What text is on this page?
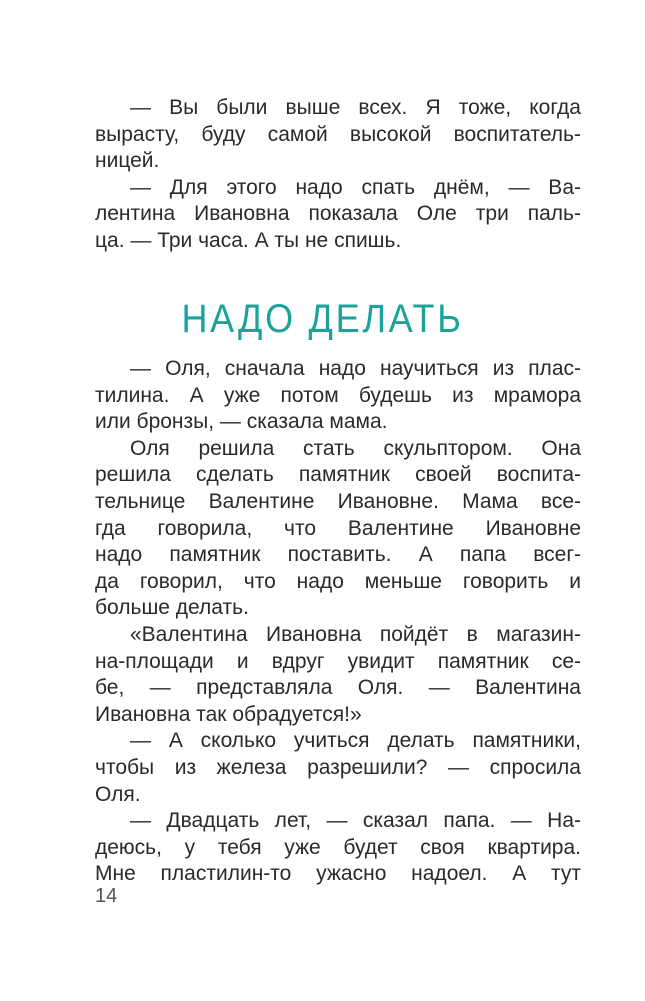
— Вы были выше всех. Я тоже, когда
вырасту, буду самой высокой воспитатель-
ницей.
— Для этого надо спать днём, — Ва-
лентина Ивановна показала Оле три паль-
ца. — Три часа. А ты не спишь.
НАДО ДЕЛАТЬ
— Оля, сначала надо научиться из плас-
тилина. А уже потом будешь из мрамора
или бронзы, — сказала мама.
Оля решила стать скульптором. Она
решила сделать памятник своей воспита-
тельнице Валентине Ивановне. Мама все-
гда говорила, что Валентине Ивановне
надо памятник поставить. А папа всег-
да говорил, что надо меньше говорить и
больше делать.
«Валентина Ивановна пойдёт в магазин-
на-площади и вдруг увидит памятник се-
бе, — представляла Оля. — Валентина
Ивановна так обрадуется!»
— А сколько учиться делать памятники,
чтобы из железа разрешили? — спросила
Оля.
— Двадцать лет, — сказал папа. — На-
деюсь, у тебя уже будет своя квартира.
Мне пластилин-то ужасно надоел. А тут
14
